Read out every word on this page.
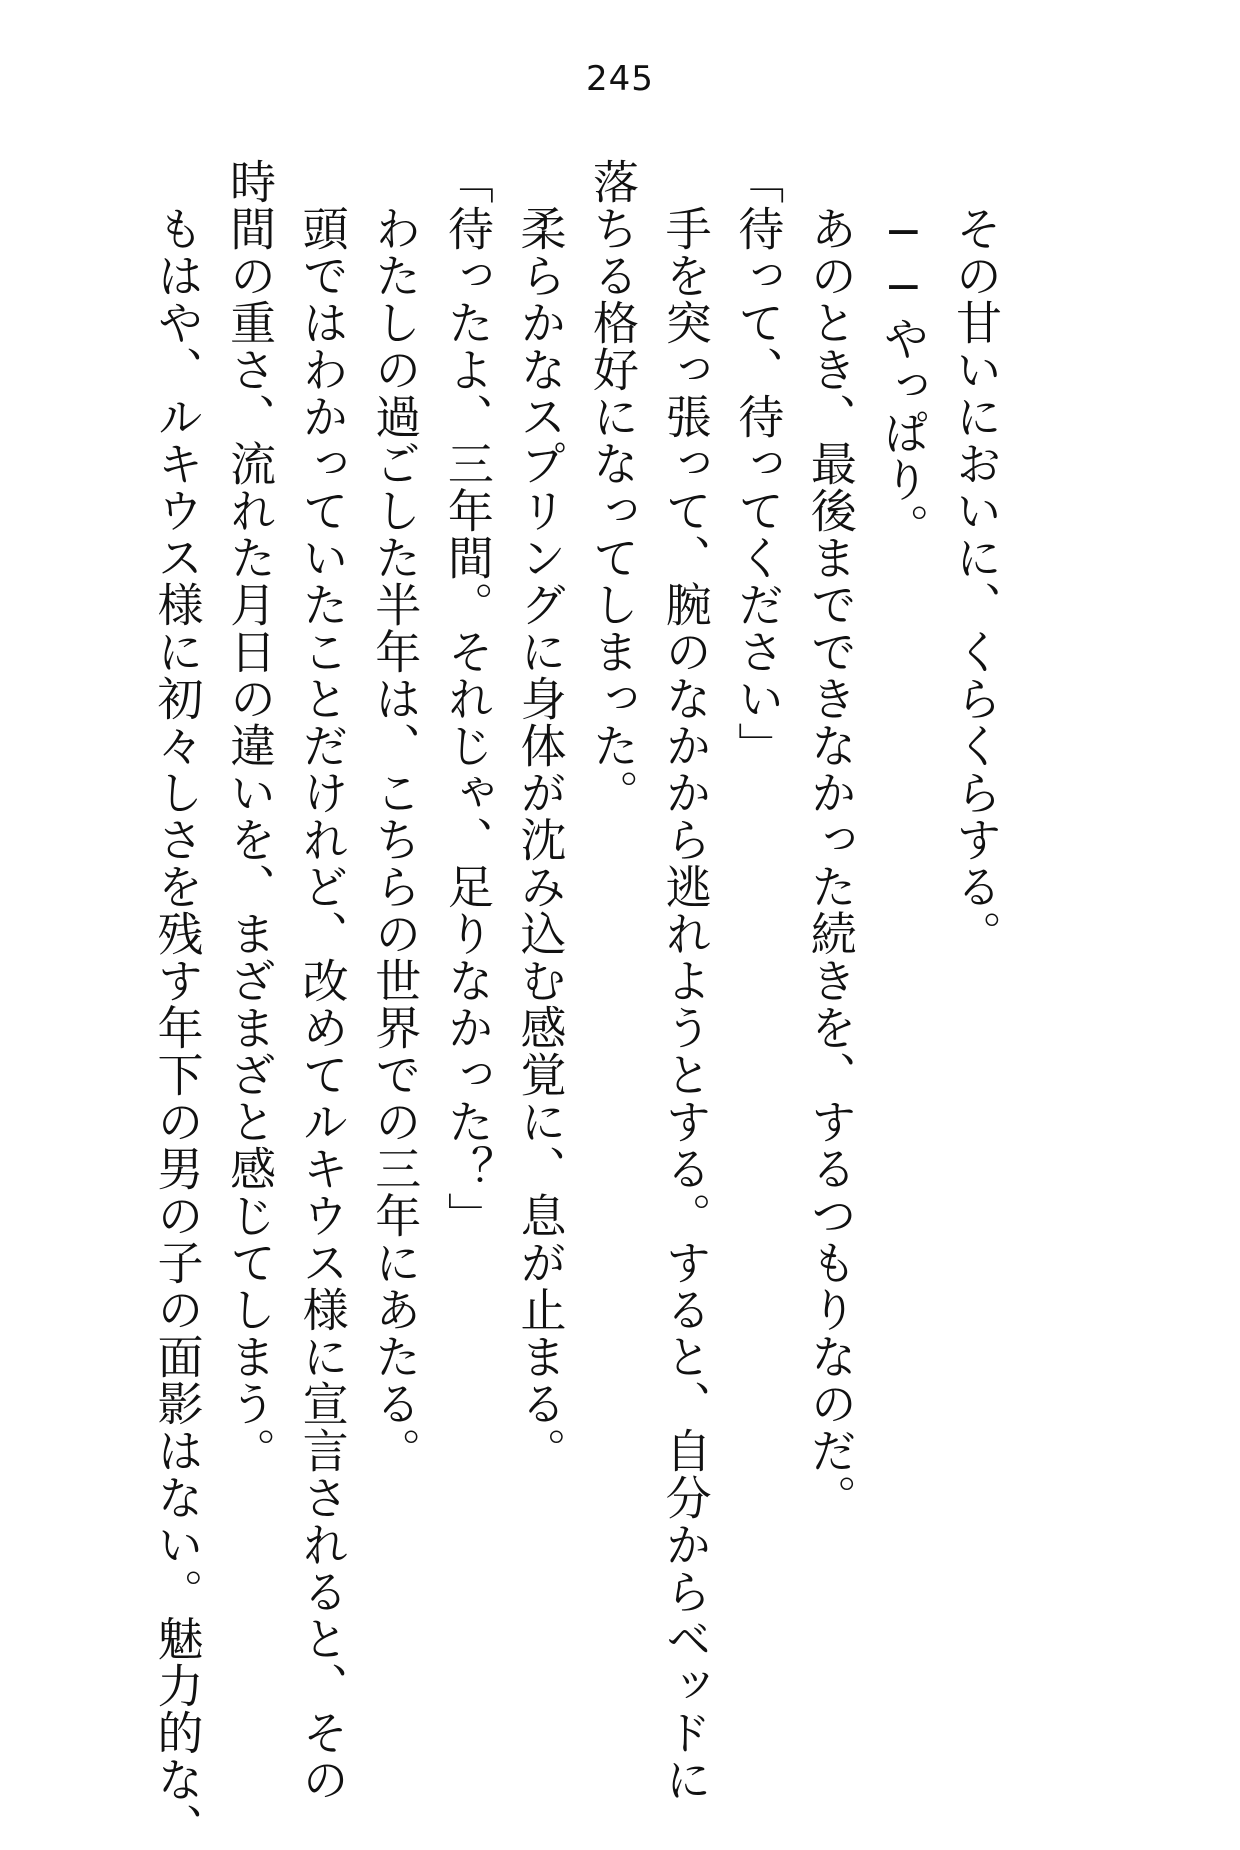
245
　その甘いにおいに、くらくらする。
　──やっぱり。
　あのとき、最後までできなかった続きを、するつもりなのだ。
「待って、待ってください」
　手を突っ張って、腕のなかから逃れようとする。すると、自分からベッドに
落ちる格好になってしまった。
　柔らかなスプリングに身体が沈み込む感覚に、息が止まる。
「待ったよ、三年間。それじゃ、足りなかった？」
　わたしの過ごした半年は、こちらの世界での三年にあたる。
　頭ではわかっていたことだけれど、改めてルキウス様に宣言されると、その
時間の重さ、流れた月日の違いを、まざまざと感じてしまう。
　もはや、ルキウス様に初々しさを残す年下の男の子の面影はない。魅力的な、
